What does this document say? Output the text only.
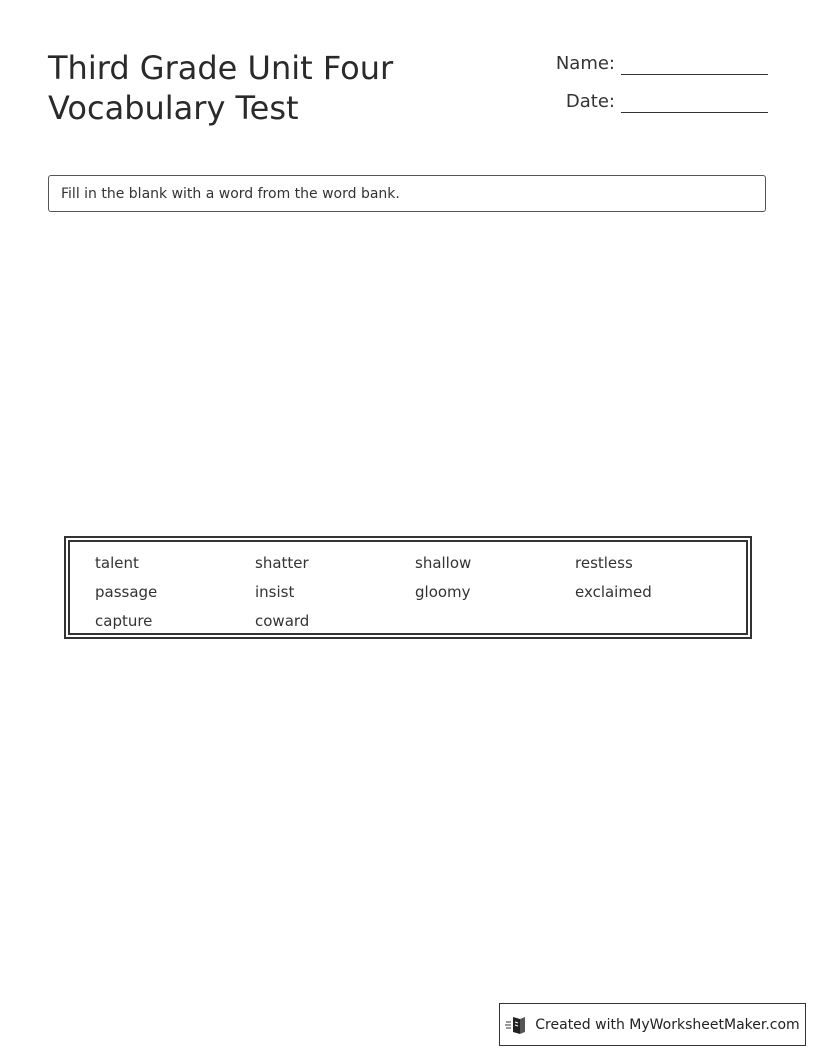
Third Grade Unit Four
Vocabulary Test
Name:
Date:
Fill in the blank with a word from the word bank.
talent	shatter	shallow	restless
passage	insist	gloomy	exclaimed
capture	coward
Created with MyWorksheetMaker.com
